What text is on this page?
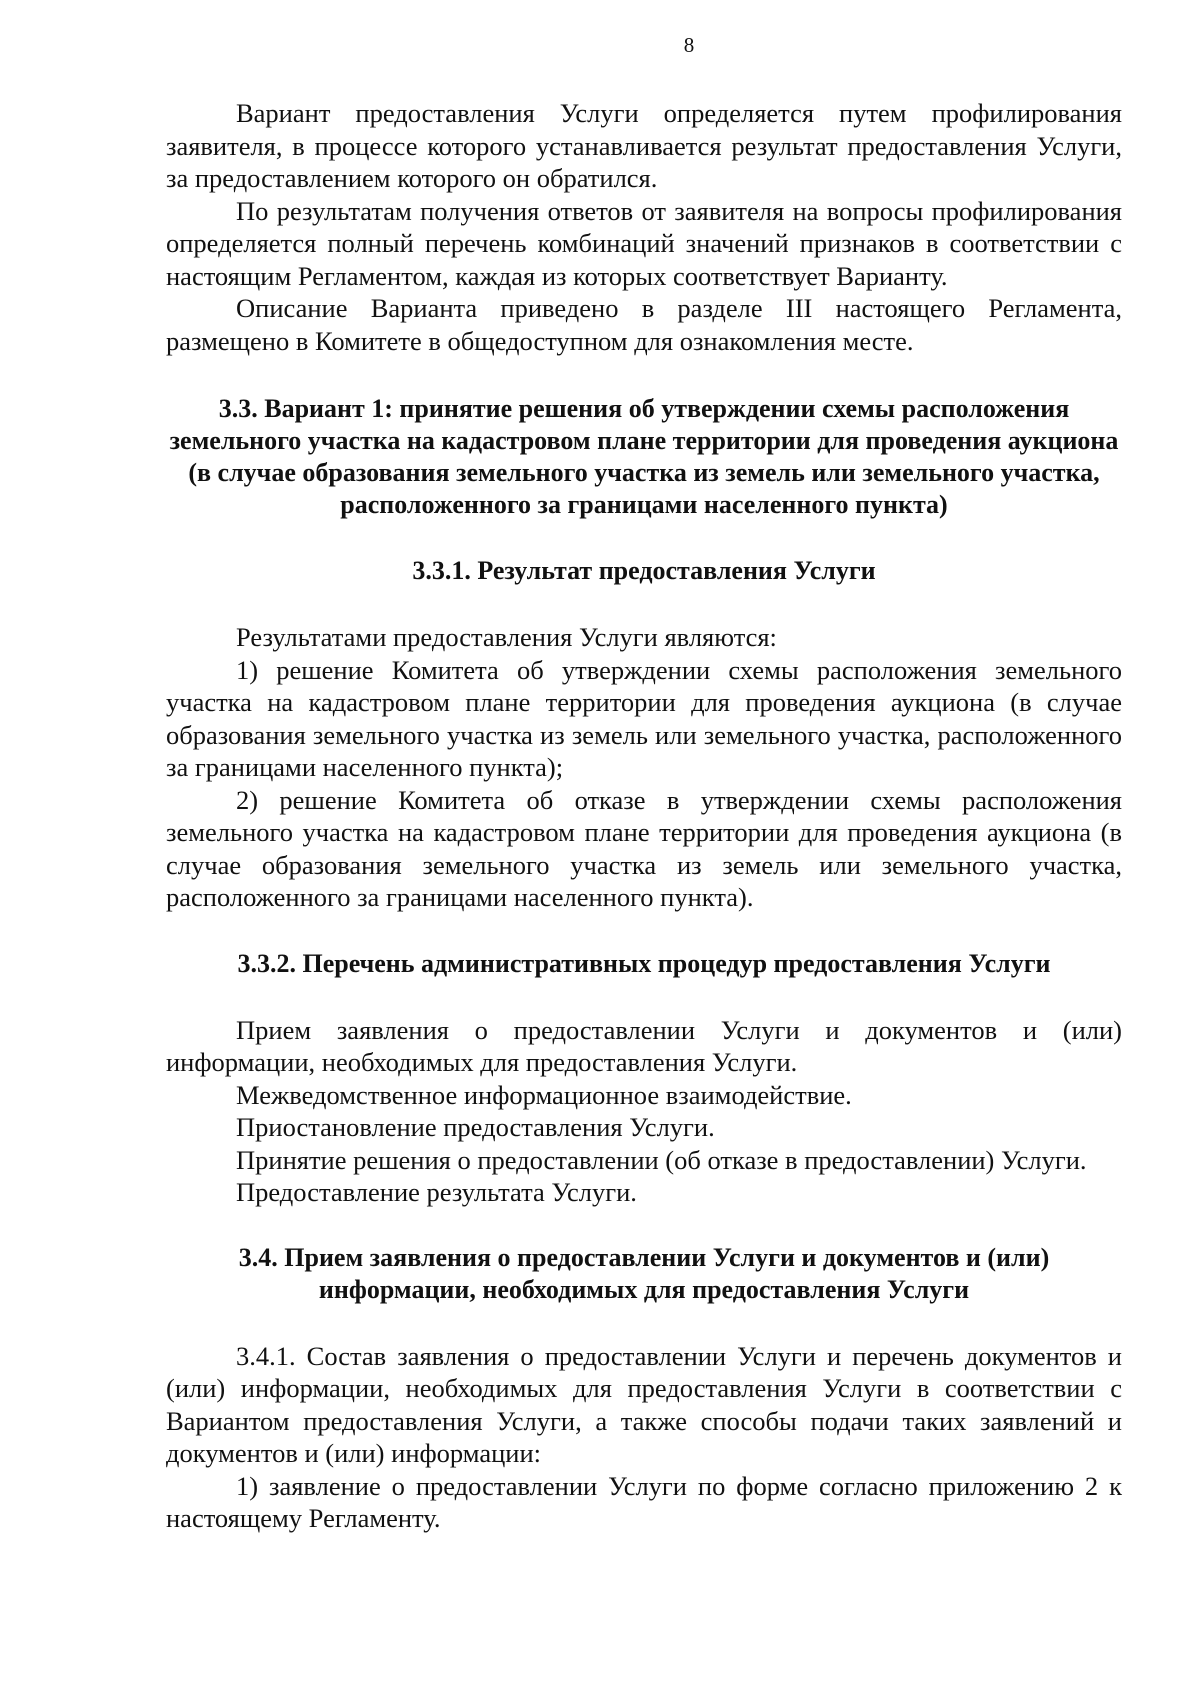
8

Вариант предоставления Услуги определяется путем профилирования заявителя, в процессе которого устанавливается результат предоставления Услуги, за предоставлением которого он обратился.

По результатам получения ответов от заявителя на вопросы профилирования определяется полный перечень комбинаций значений признаков в соответствии с настоящим Регламентом, каждая из которых соответствует Варианту.

Описание Варианта приведено в разделе III настоящего Регламента, размещено в Комитете в общедоступном для ознакомления месте.

3.3. Вариант 1: принятие решения об утверждении схемы расположения земельного участка на кадастровом плане территории для проведения аукциона (в случае образования земельного участка из земель или земельного участка, расположенного за границами населенного пункта)
3.3.1. Результат предоставления Услуги

Результатами предоставления Услуги являются:

1) решение Комитета об утверждении схемы расположения земельного участка на кадастровом плане территории для проведения аукциона (в случае образования земельного участка из земель или земельного участка, расположенного за границами населенного пункта);

2) решение Комитета об отказе в утверждении схемы расположения земельного участка на кадастровом плане территории для проведения аукциона (в случае образования земельного участка из земель или земельного участка, расположенного за границами населенного пункта).

3.3.2. Перечень административных процедур предоставления Услуги

Прием заявления о предоставлении Услуги и документов и (или) информации, необходимых для предоставления Услуги.

Межведомственное информационное взаимодействие.

Приостановление предоставления Услуги.

Принятие решения о предоставлении (об отказе в предоставлении) Услуги.

Предоставление результата Услуги.

3.4. Прием заявления о предоставлении Услуги и документов и (или) информации, необходимых для предоставления Услуги

3.4.1. Состав заявления о предоставлении Услуги и перечень документов и (или) информации, необходимых для предоставления Услуги в соответствии с Вариантом предоставления Услуги, а также способы подачи таких заявлений и документов и (или) информации:

1) заявление о предоставлении Услуги по форме согласно приложению 2 к настоящему Регламенту.
